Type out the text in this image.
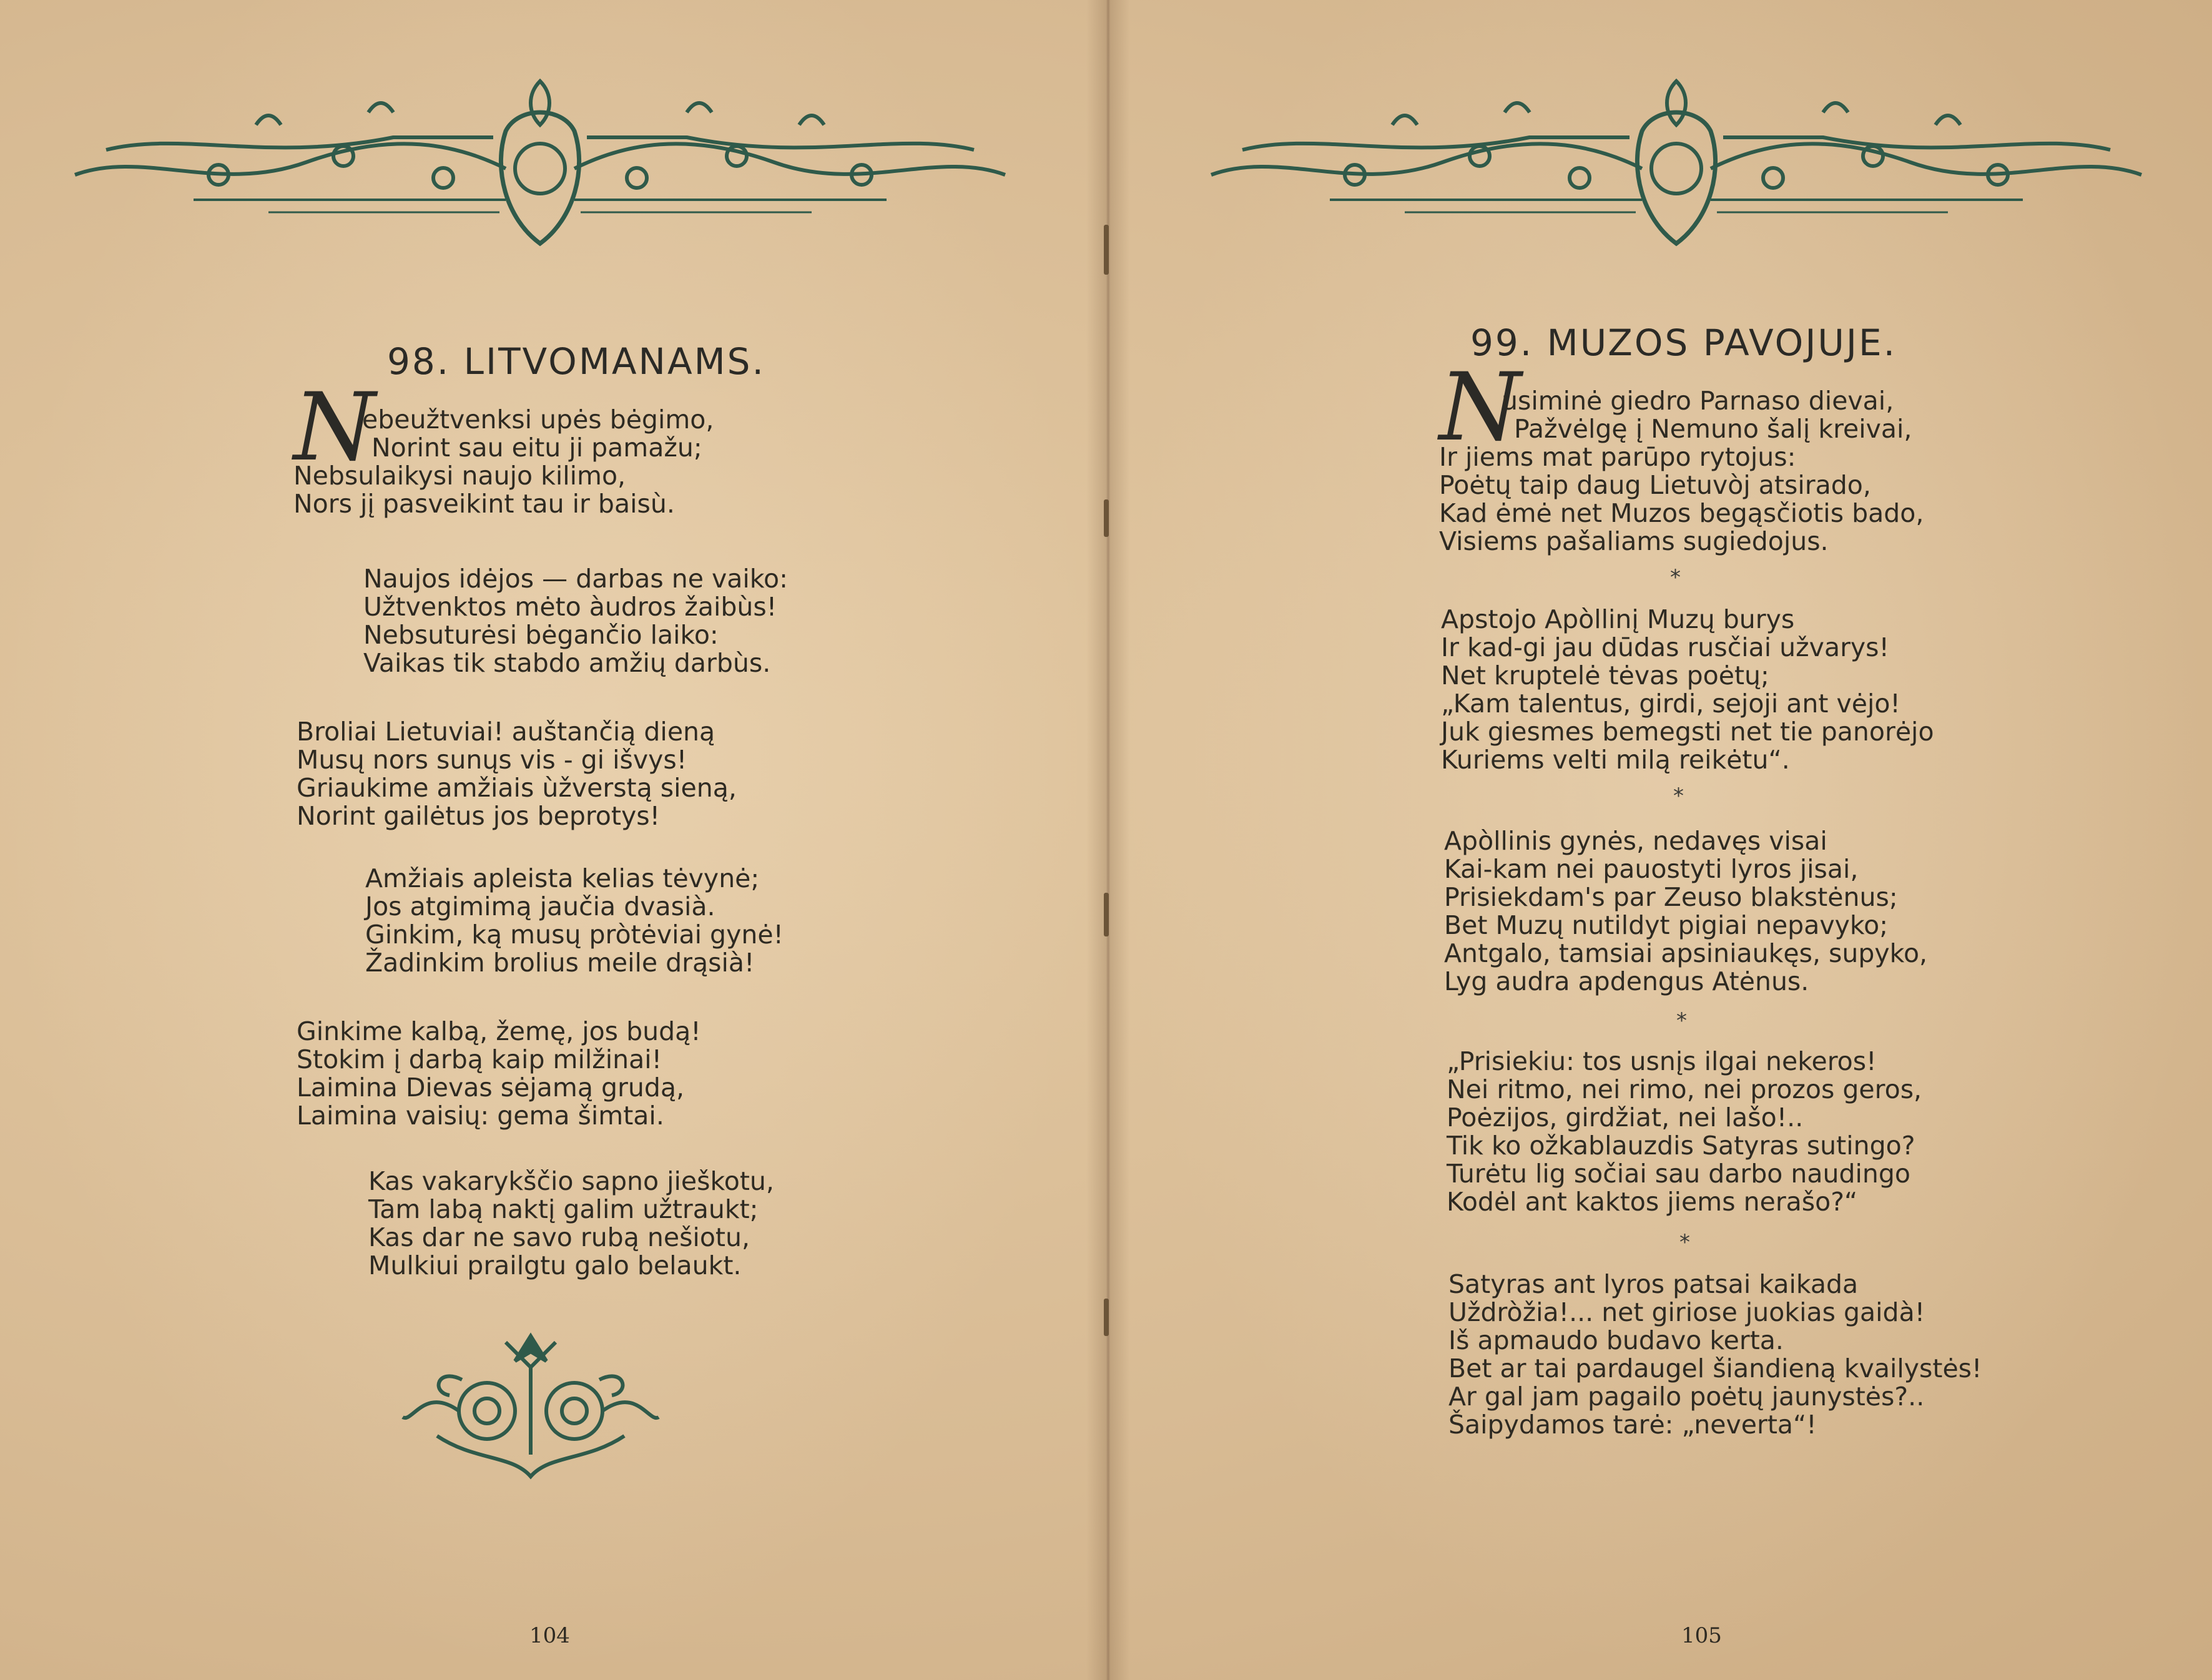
98. LITVOMANAMS.
N
ebeužtvenksi upės bėgimo,
Norint sau eitu ji pamažu;
Nebsulaikysi naujo kilimo,
Nors jį pasveikint tau ir baisù.
Naujos idėjos — darbas ne vaiko:
Užtvenktos mėto àudros žaibùs!
Nebsuturėsi bėgančio laiko:
Vaikas tik stabdo amžių darbùs.
Broliai Lietuviai! auštančią dieną
Musų nors sunųs vis - gi išvys!
Griaukime amžiais ùžverstą sieną,
Norint gailėtus jos beprotys!
Amžiais apleista kelias tėvynė;
Jos atgimimą jaučia dvasià.
Ginkim, ką musų pròtėviai gynė!
Žadinkim brolius meile drąsià!
Ginkime kalbą, žemę, jos budą!
Stokim į darbą kaip milžinai!
Laimina Dievas sėjamą grudą,
Laimina vaisių: gema šimtai.
Kas vakarykščio sapno jieškotu,
Tam labą naktį galim užtraukt;
Kas dar ne savo rubą nešiotu,
Mulkiui prailgtu galo belaukt.
104
99. MUZOS PAVOJUJE.
N
usiminė giedro Parnaso dievai,
Pažvėlgę į Nemuno šalį kreivai,
Ir jiems mat parūpo rytojus:
Poėtų taip daug Lietuvòj atsirado,
Kad ėmė net Muzos begąsčiotis bado,
Visiems pašaliams sugiedojus.
*
Apstojo Apòllinį Muzų burys
Ir kad-gi jau dūdas rusčiai užvarys!
Net kruptelė tėvas poėtų;
„Kam talentus, girdi, sejoji ant vėjo!
Juk giesmes bemegsti net tie panorėjo
Kuriems velti milą reikėtu“.
*
Apòllinis gynės, nedavęs visai
Kai-kam nei pauostyti lyros jisai,
Prisiekdam's par Zeuso blakstėnus;
Bet Muzų nutildyt pigiai nepavyko;
Antgalo, tamsiai apsiniaukęs, supyko,
Lyg audra apdengus Atėnus.
*
„Prisiekiu: tos usnįs ilgai nekeros!
Nei ritmo, nei rimo, nei prozos geros,
Poėzijos, girdžiat, nei lašo!..
Tik ko ožkablauzdis Satyras sutingo?
Turėtu lig sočiai sau darbo naudingo
Kodėl ant kaktos jiems nerašo?“
*
Satyras ant lyros patsai kaikada
Uždròžia!... net giriose juokias gaidà!
Iš apmaudo budavo kerta.
Bet ar tai pardaugel šiandieną kvailystės!
Ar gal jam pagailo poėtų jaunystės?..
Šaipydamos tarė: „neverta“!
105
